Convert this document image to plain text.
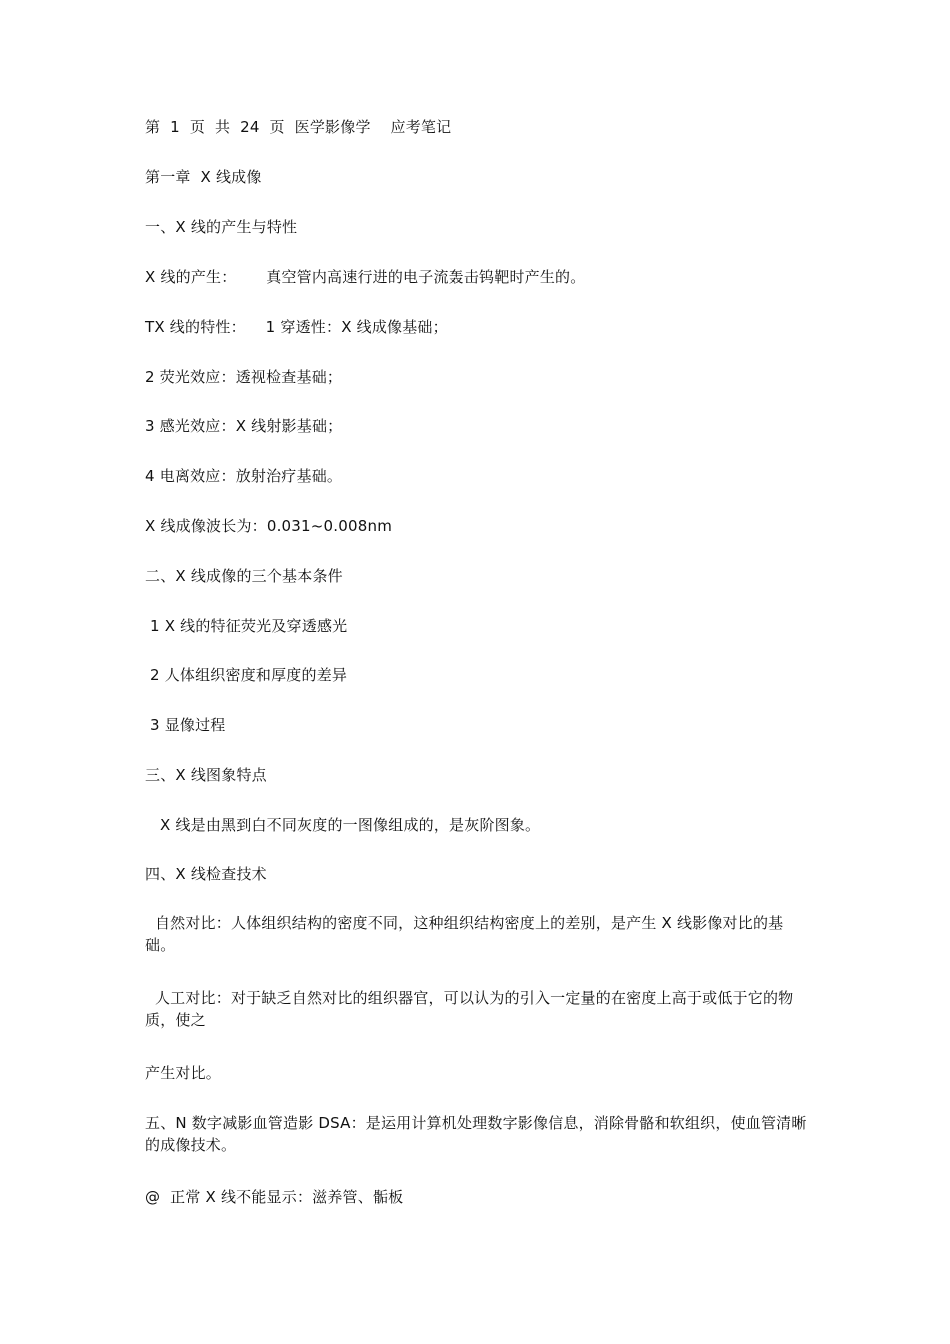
第  1  页  共  24  页  医学影像学    应考笔记
第一章  X 线成像
一、X 线的产生与特性
X 线的产生：      真空管内高速行进的电子流轰击钨靶时产生的。
TX 线的特性：    1 穿透性：X 线成像基础；
2 荧光效应：透视检查基础；
3 感光效应：X 线射影基础；
4 电离效应：放射治疗基础。
X 线成像波长为：0.031~0.008nm
二、X 线成像的三个基本条件
1 X 线的特征荧光及穿透感光
2 人体组织密度和厚度的差异
3 显像过程
三、X 线图象特点
X 线是由黑到白不同灰度的一图像组成的，是灰阶图象。
四、X 线检查技术
自然对比：人体组织结构的密度不同，这种组织结构密度上的差别，是产生 X 线影像对比的基础。
人工对比：对于缺乏自然对比的组织器官，可以认为的引入一定量的在密度上高于或低于它的物质，使之
产生对比。
五、N 数字减影血管造影 DSA：是运用计算机处理数字影像信息，消除骨骼和软组织，使血管清晰的成像技术。
@  正常 X 线不能显示：滋养管、骺板
